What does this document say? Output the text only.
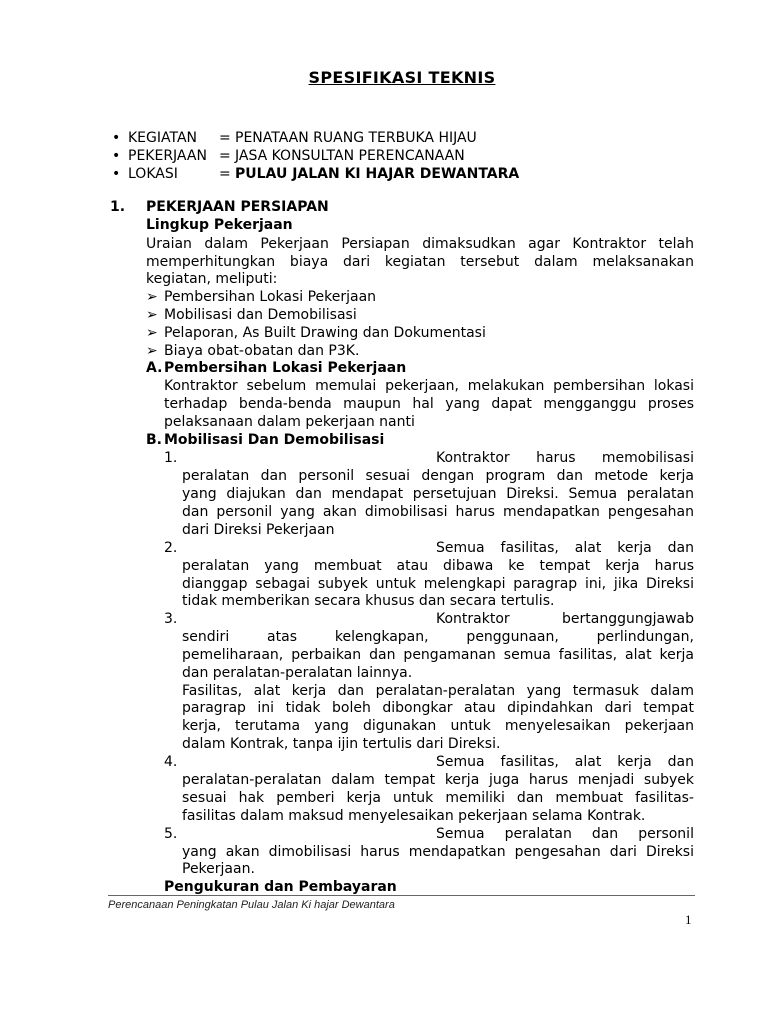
SPESIFIKASI TEKNIS
• KEGIATAN = PENATAAN RUANG TERBUKA HIJAU
• PEKERJAAN = JASA KONSULTAN PERENCANAAN
• LOKASI	= PULAU JALAN KI HAJAR DEWANTARA
1. PEKERJAAN PERSIAPAN
Lingkup Pekerjaan
Uraian dalam Pekerjaan Persiapan dimaksudkan agar Kontraktor telah
memperhitungkan biaya dari kegiatan tersebut dalam melaksanakan
kegiatan, meliputi:
➢ Pembersihan Lokasi Pekerjaan
➢ Mobilisasi dan Demobilisasi
➢ Pelaporan, As Built Drawing dan Dokumentasi
➢ Biaya obat-obatan dan P3K.
A. Pembersihan Lokasi Pekerjaan
Kontraktor sebelum memulai pekerjaan, melakukan pembersihan lokasi
terhadap benda-benda maupun hal yang dapat mengganggu proses
pelaksanaan dalam pekerjaan nanti
B. Mobilisasi Dan Demobilisasi
1.	Kontraktor harus memobilisasi
peralatan dan personil sesuai dengan program dan metode kerja
yang diajukan dan mendapat persetujuan Direksi. Semua peralatan
dan personil yang akan dimobilisasi harus mendapatkan pengesahan
dari Direksi Pekerjaan
2.	Semua fasilitas, alat kerja dan
peralatan yang membuat atau dibawa ke tempat kerja harus
dianggap sebagai subyek untuk melengkapi paragrap ini, jika Direksi
tidak memberikan secara khusus dan secara tertulis.
3.	Kontraktor	bertanggungjawab
sendiri atas kelengkapan, penggunaan, perlindungan,
pemeliharaan, perbaikan dan pengamanan semua fasilitas, alat kerja
dan peralatan-peralatan lainnya.
Fasilitas, alat kerja dan peralatan-peralatan yang termasuk dalam
paragrap ini tidak boleh dibongkar atau dipindahkan dari tempat
kerja, terutama yang digunakan untuk menyelesaikan pekerjaan
dalam Kontrak, tanpa ijin tertulis dari Direksi.
4.	Semua fasilitas, alat kerja dan
peralatan-peralatan dalam tempat kerja juga harus menjadi subyek
sesuai hak pemberi kerja untuk memiliki dan membuat fasilitas-
fasilitas dalam maksud menyelesaikan pekerjaan selama Kontrak.
5.	Semua peralatan dan personil
yang akan dimobilisasi harus mendapatkan pengesahan dari Direksi
Pekerjaan.
Pengukuran dan Pembayaran
Perencanaan Peningkatan Pulau Jalan Ki hajar Dewantara
1
